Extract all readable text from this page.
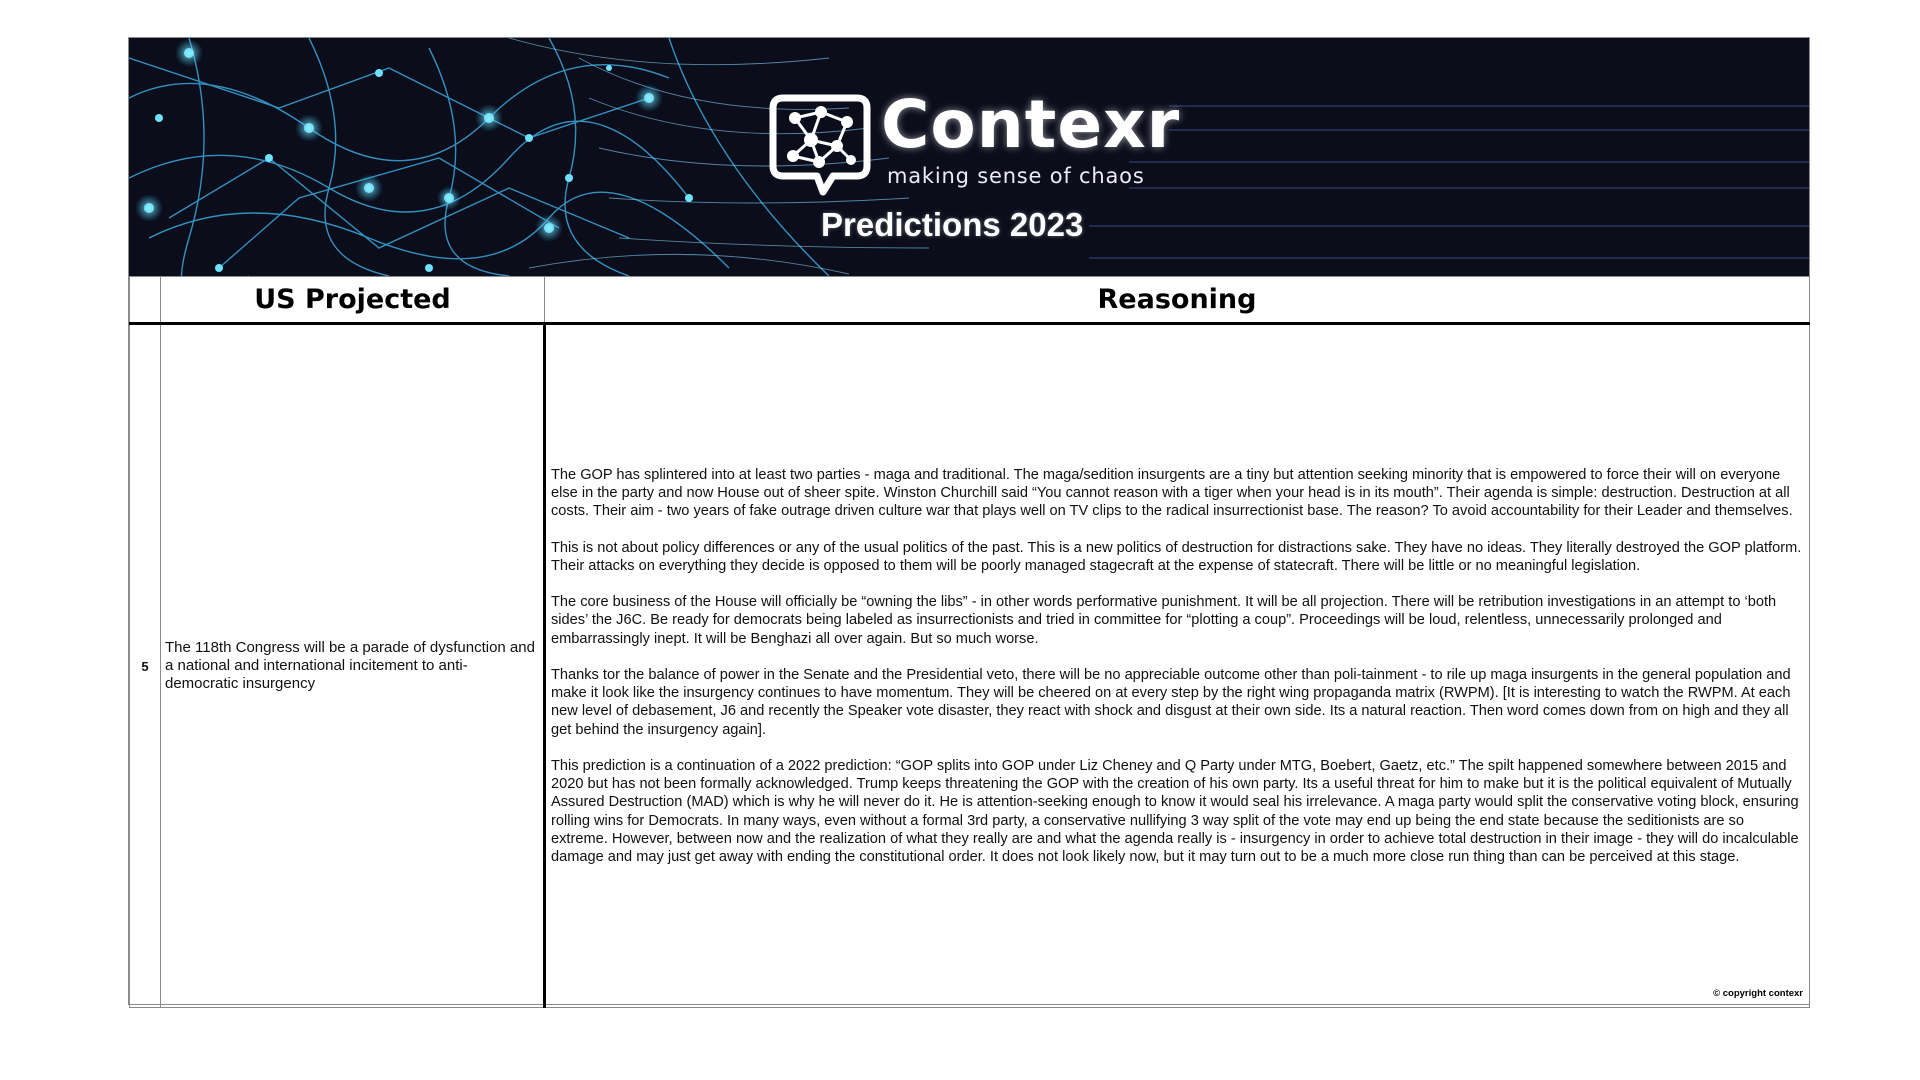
Contexr
making sense of chaos
Predictions 2023
	US Projected	Reasoning
5	The 118th Congress will be a parade of dysfunction and a national and international incitement to anti-democratic insurgency	The GOP has splintered into at least two parties - maga and traditional. The maga/sedition insurgents are a tiny but attention seeking minority that is empowered to force their will on everyone else in the party and now House out of sheer spite. Winston Churchill said “You cannot reason with a tiger when your head is in its mouth”. Their agenda is simple: destruction. Destruction at all costs. Their aim - two years of fake outrage driven culture war that plays well on TV clips to the radical insurrectionist base. The reason? To avoid accountability for their Leader and themselves.

This is not about policy differences or any of the usual politics of the past. This is a new politics of destruction for distractions sake. They have no ideas. They literally destroyed the GOP platform. Their attacks on everything they decide is opposed to them will be poorly managed stagecraft at the expense of statecraft. There will be little or no meaningful legislation.

The core business of the House will officially be “owning the libs” - in other words performative punishment. It will be all projection. There will be retribution investigations in an attempt to ‘both sides’ the J6C. Be ready for democrats being labeled as insurrectionists and tried in committee for “plotting a coup”. Proceedings will be loud, relentless, unnecessarily prolonged and embarrassingly inept. It will be Benghazi all over again. But so much worse.

Thanks tor the balance of power in the Senate and the Presidential veto, there will be no appreciable outcome other than poli-tainment - to rile up maga insurgents in the general population and make it look like the insurgency continues to have momentum. They will be cheered on at every step by the right wing propaganda matrix (RWPM). [It is interesting to watch the RWPM. At each new level of debasement, J6 and recently the Speaker vote disaster, they react with shock and disgust at their own side. Its a natural reaction. Then word comes down from on high and they all get behind the insurgency again].

This prediction is a continuation of a 2022 prediction: “GOP splits into GOP under Liz Cheney and Q Party under MTG, Boebert, Gaetz, etc.” The spilt happened somewhere between 2015 and 2020 but has not been formally acknowledged. Trump keeps threatening the GOP with the creation of his own party. Its a useful threat for him to make but it is the political equivalent of Mutually Assured Destruction (MAD) which is why he will never do it. He is attention-seeking enough to know it would seal his irrelevance. A maga party would split the conservative voting block, ensuring rolling wins for Democrats. In many ways, even without a formal 3rd party, a conservative nullifying 3 way split of the vote may end up being the end state because the seditionists are so extreme. However, between now and the realization of what they really are and what the agenda really is - insurgency in order to achieve total destruction in their image - they will do incalculable damage and may just get away with ending the constitutional order. It does not look likely now, but it may turn out to be a much more close run thing than can be perceived at this stage.

© copyright contexr
